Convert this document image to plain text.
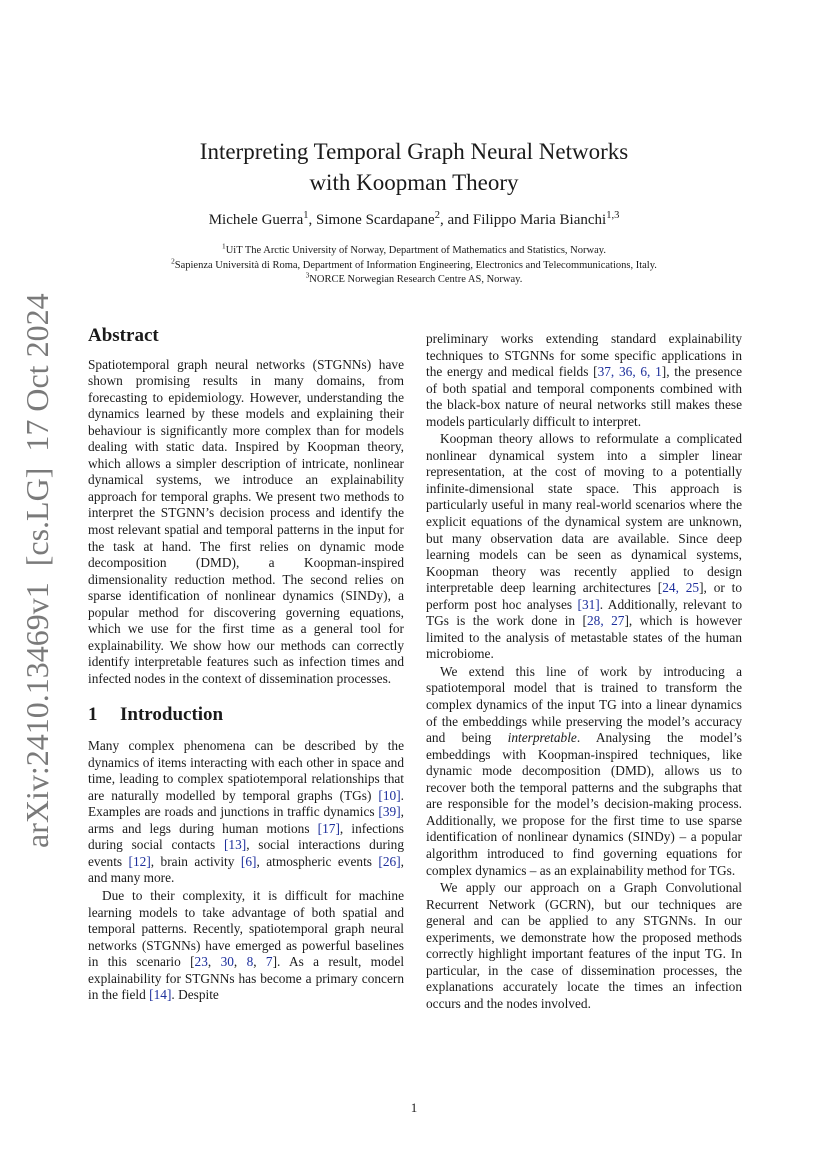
arXiv:2410.13469v1  [cs.LG]  17 Oct 2024
Interpreting Temporal Graph Neural Networks
with Koopman Theory
Michele Guerra$^1$, Simone Scardapane$^2$, and Filippo Maria Bianchi$^{1,3}$
$^1$UiT The Arctic University of Norway, Department of Mathematics and Statistics, Norway.
$^2$Sapienza Università di Roma, Department of Information Engineering, Electronics and Telecommunications, Italy.
$^3$NORCE Norwegian Research Centre AS, Norway.
Abstract

Spatiotemporal graph neural networks (STGNNs) have shown promising results in many domains, from forecasting to epidemiology. However, understanding the dynamics learned by these models and explaining their behaviour is significantly more complex than for models dealing with static data. Inspired by Koopman theory, which allows a simpler description of intricate, nonlinear dynamical systems, we introduce an explainability approach for temporal graphs. We present two methods to interpret the STGNN’s decision process and identify the most relevant spatial and temporal patterns in the input for the task at hand. The first relies on dynamic mode decomposition (DMD), a Koopman-inspired dimensionality reduction method. The second relies on sparse identification of nonlinear dynamics (SINDy), a popular method for discovering governing equations, which we use for the first time as a general tool for explainability. We show how our methods can correctly identify interpretable features such as infection times and infected nodes in the context of dissemination processes.

1 Introduction

Many complex phenomena can be described by the dynamics of items interacting with each other in space and time, leading to complex spatiotemporal relationships that are naturally modelled by temporal graphs (TGs) [10]. Examples are roads and junctions in traffic dynamics [39], arms and legs during human motions [17], infections during social contacts [13], social interactions during events [12], brain activity [6], atmospheric events [26], and many more.

Due to their complexity, it is difficult for machine learning models to take advantage of both spatial and temporal patterns. Recently, spatiotemporal graph neural networks (STGNNs) have emerged as powerful baselines in this scenario [23, 30, 8, 7]. As a result, model explainability for STGNNs has become a primary concern in the field [14]. Despite

preliminary works extending standard explainability techniques to STGNNs for some specific applications in the energy and medical fields [37, 36, 6, 1], the presence of both spatial and temporal components combined with the black-box nature of neural networks still makes these models particularly difficult to interpret.

Koopman theory allows to reformulate a complicated nonlinear dynamical system into a simpler linear representation, at the cost of moving to a potentially infinite-dimensional state space. This approach is particularly useful in many real-world scenarios where the explicit equations of the dynamical system are unknown, but many observation data are available. Since deep learning models can be seen as dynamical systems, Koopman theory was recently applied to design interpretable deep learning architectures [24, 25], or to perform post hoc analyses [31]. Additionally, relevant to TGs is the work done in [28, 27], which is however limited to the analysis of metastable states of the human microbiome.

We extend this line of work by introducing a spatiotemporal model that is trained to transform the complex dynamics of the input TG into a linear dynamics of the embeddings while preserving the model’s accuracy and being interpretable. Analysing the model’s embeddings with Koopman-inspired techniques, like dynamic mode decomposition (DMD), allows us to recover both the temporal patterns and the subgraphs that are responsible for the model’s decision-making process. Additionally, we propose for the first time to use sparse identification of nonlinear dynamics (SINDy) – a popular algorithm introduced to find governing equations for complex dynamics – as an explainability method for TGs.

We apply our approach on a Graph Convolutional Recurrent Network (GCRN), but our techniques are general and can be applied to any STGNNs. In our experiments, we demonstrate how the proposed methods correctly highlight important features of the input TG. In particular, in the case of dissemination processes, the explanations accurately locate the times an infection occurs and the nodes involved.

1
